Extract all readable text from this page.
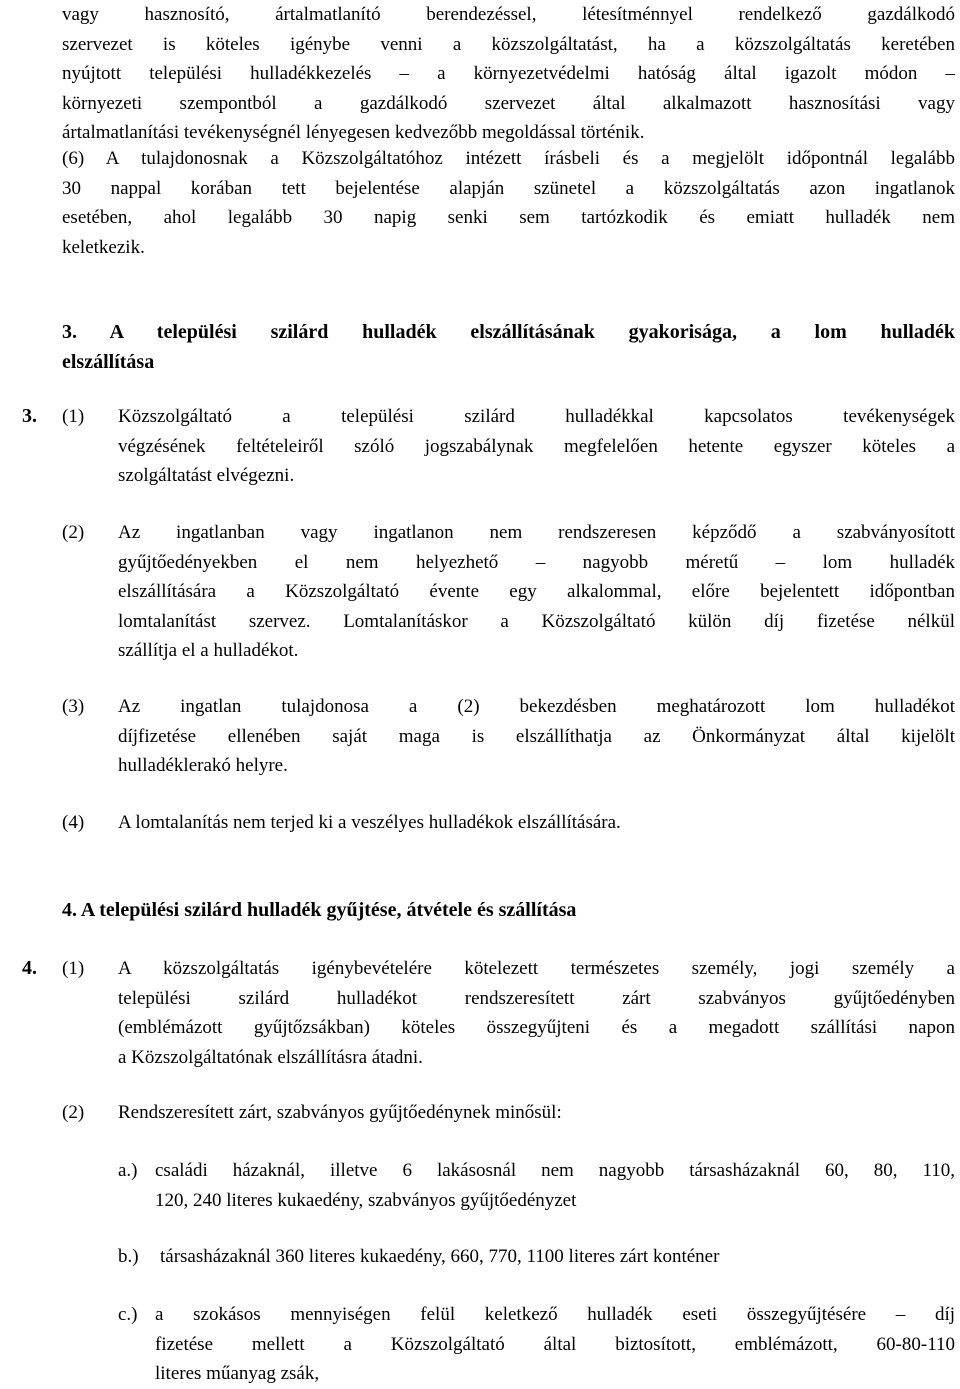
vagy hasznosító, ártalmatlanító berendezéssel, létesítménnyel rendelkező gazdálkodó
szervezet is köteles igénybe venni a közszolgáltatást, ha a közszolgáltatás keretében
nyújtott települési hulladékkezelés – a környezetvédelmi hatóság által igazolt módon –
környezeti szempontból a gazdálkodó szervezet által alkalmazott hasznosítási vagy
ártalmatlanítási tevékenységnél lényegesen kedvezőbb megoldással történik.
(6) A tulajdonosnak a Közszolgáltatóhoz intézett írásbeli és a megjelölt időpontnál legalább
30 nappal korában tett bejelentése alapján szünetel a közszolgáltatás azon ingatlanok
esetében, ahol legalább 30 napig senki sem tartózkodik és emiatt hulladék nem
keletkezik.
3. A települési szilárd hulladék elszállításának gyakorisága, a lom hulladék
elszállítása
3. (1) Közszolgáltató a települési szilárd hulladékkal kapcsolatos tevékenységek
végzésének feltételeiről szóló jogszabálynak megfelelően hetente egyszer köteles a
szolgáltatást elvégezni.
(2) Az ingatlanban vagy ingatlanon nem rendszeresen képződő a szabványosított
gyűjtőedényekben el nem helyezhető – nagyobb méretű – lom hulladék
elszállítására a Közszolgáltató évente egy alkalommal, előre bejelentett időpontban
lomtalanítást szervez. Lomtalanításkor a Közszolgáltató külön díj fizetése nélkül
szállítja el a hulladékot.
(3) Az ingatlan tulajdonosa a (2) bekezdésben meghatározott lom hulladékot
díjfizetése ellenében saját maga is elszállíthatja az Önkormányzat által kijelölt
hulladéklerakó helyre.
(4) A lomtalanítás nem terjed ki a veszélyes hulladékok elszállítására.
4. A települési szilárd hulladék gyűjtése, átvétele és szállítása
4. (1) A közszolgáltatás igénybevételére kötelezett természetes személy, jogi személy a
települési szilárd hulladékot rendszeresített zárt szabványos gyűjtőedényben
(emblémázott gyűjtőzsákban) köteles összegyűjteni és a megadott szállítási napon
a Közszolgáltatónak elszállításra átadni.
(2) Rendszeresített zárt, szabványos gyűjtőedénynek minősül:
a.) családi házaknál, illetve 6 lakásosnál nem nagyobb társasházaknál 60, 80, 110,
120, 240 literes kukaedény, szabványos gyűjtőedényzet
b.) társasházaknál 360 literes kukaedény, 660, 770, 1100 literes zárt konténer
c.) a szokásos mennyiségen felül keletkező hulladék eseti összegyűjtésére – díj
fizetése mellett a Közszolgáltató által biztosított, emblémázott, 60-80-110
literes műanyag zsák,
